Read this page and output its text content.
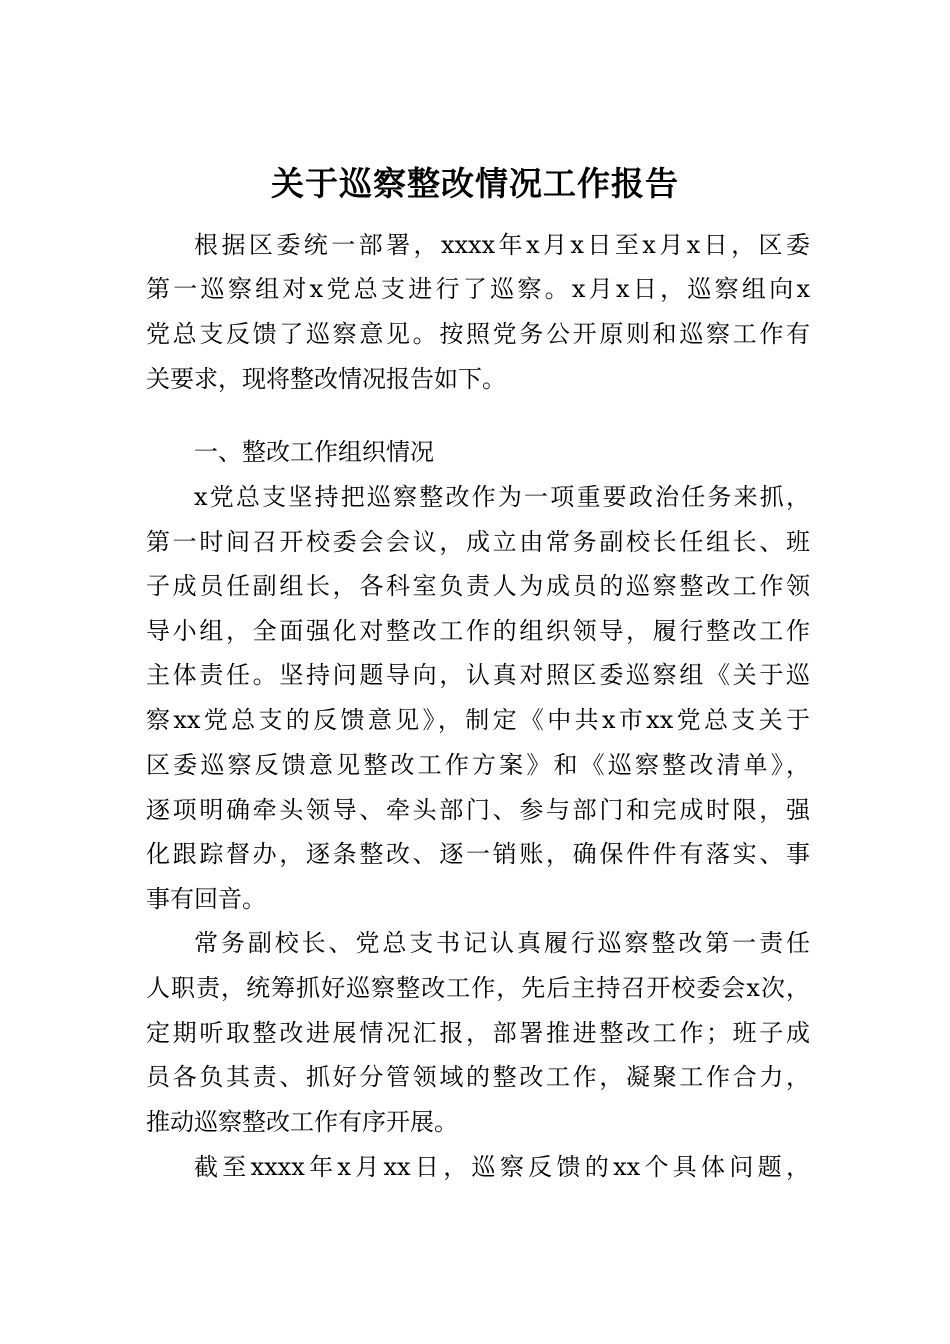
关于巡察整改情况工作报告
根据区委统一部署，xxxx年x月x日至x月x日，区委
第一巡察组对x党总支进行了巡察。x月x日，巡察组向x
党总支反馈了巡察意见。按照党务公开原则和巡察工作有
关要求，现将整改情况报告如下。
一、整改工作组织情况
x党总支坚持把巡察整改作为一项重要政治任务来抓，
第一时间召开校委会会议，成立由常务副校长任组长、班
子成员任副组长，各科室负责人为成员的巡察整改工作领
导小组，全面强化对整改工作的组织领导，履行整改工作
主体责任。坚持问题导向，认真对照区委巡察组《关于巡
察xx党总支的反馈意见》，制定《中共x市xx党总支关于
区委巡察反馈意见整改工作方案》和《巡察整改清单》，
逐项明确牵头领导、牵头部门、参与部门和完成时限，强
化跟踪督办，逐条整改、逐一销账，确保件件有落实、事
事有回音。
常务副校长、党总支书记认真履行巡察整改第一责任
人职责，统筹抓好巡察整改工作，先后主持召开校委会x次，
定期听取整改进展情况汇报，部署推进整改工作；班子成
员各负其责、抓好分管领域的整改工作，凝聚工作合力，
推动巡察整改工作有序开展。
截至xxxx年x月xx日，巡察反馈的xx个具体问题，
